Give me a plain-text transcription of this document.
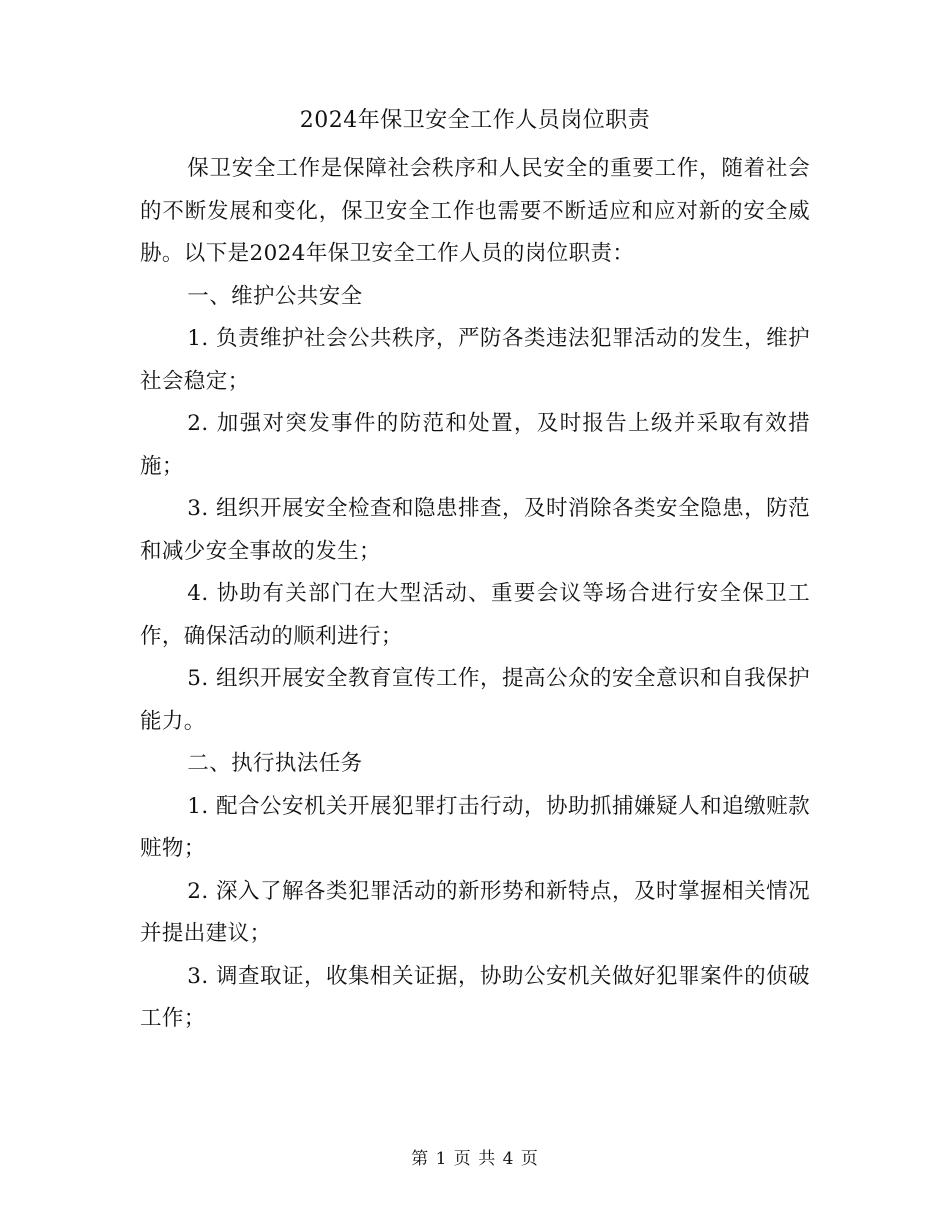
2024年保卫安全工作人员岗位职责

保卫安全工作是保障社会秩序和人民安全的重要工作，随着社会的不断发展和变化，保卫安全工作也需要不断适应和应对新的安全威胁。以下是2024年保卫安全工作人员的岗位职责：

一、维护公共安全

1. 负责维护社会公共秩序，严防各类违法犯罪活动的发生，维护社会稳定；

2. 加强对突发事件的防范和处置，及时报告上级并采取有效措施；

3. 组织开展安全检查和隐患排查，及时消除各类安全隐患，防范和减少安全事故的发生；

4. 协助有关部门在大型活动、重要会议等场合进行安全保卫工作，确保活动的顺利进行；

5. 组织开展安全教育宣传工作，提高公众的安全意识和自我保护能力。

二、执行执法任务

1. 配合公安机关开展犯罪打击行动，协助抓捕嫌疑人和追缴赃款赃物；

2. 深入了解各类犯罪活动的新形势和新特点，及时掌握相关情况并提出建议；

3. 调查取证，收集相关证据，协助公安机关做好犯罪案件的侦破工作；

第 1 页 共 4 页
